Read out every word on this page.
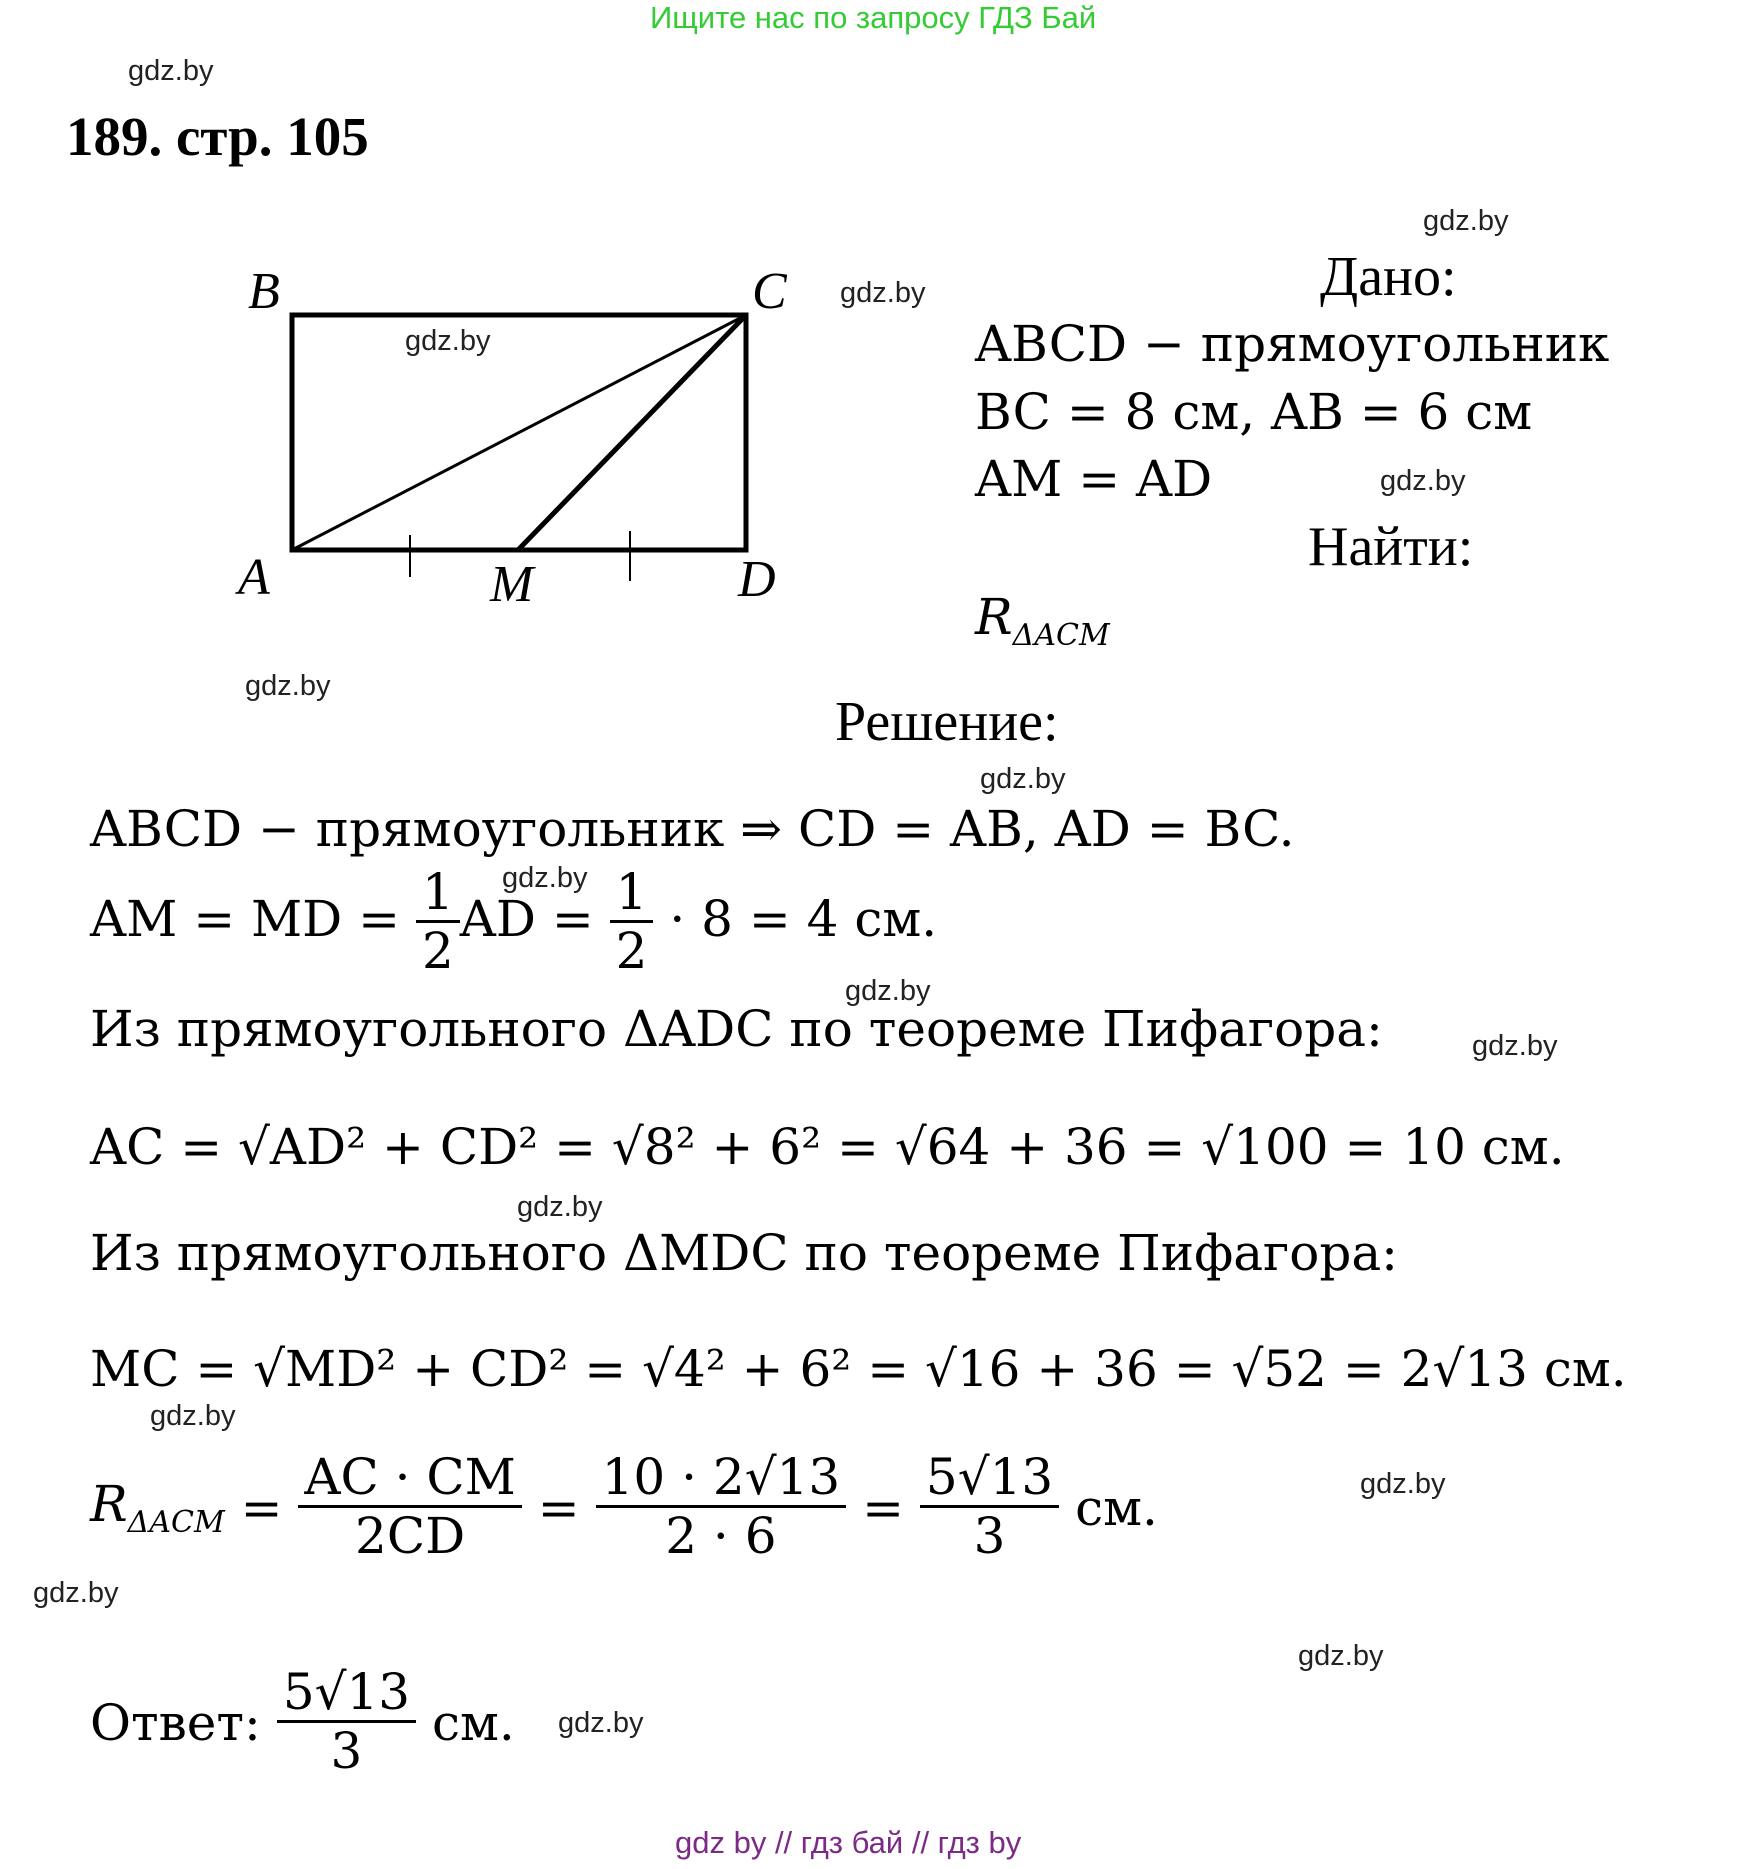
Ищите нас по запросу ГДЗ Бай
gdz.by
gdz.by
gdz.by
gdz.by
gdz.by
gdz.by
gdz.by
gdz.by
gdz.by
gdz.by
gdz.by
gdz.by
gdz.by
gdz.by
gdz.by
gdz.by
189. стр. 105
B	C
A	M	D
Дано:
ABCD − прямоугольник
BC = 8 см, AB = 6 см
AM = AD
Найти:
$R_{\Delta ACM}$
Решение:
ABCD − прямоугольник ⇒ CD = AB, AD = BC.
AM = MD = $\frac{1}{2}$ AD = $\frac{1}{2} \cdot 8 = 4$ см.
Из прямоугольного ΔADC по теореме Пифагора:
AC = √AD² + CD² = √8² + 6² = √64 + 36 = √100 = 10 см.
Из прямоугольного ΔMDC по теореме Пифагора:
MC = √MD² + CD² = √4² + 6² = √16 + 36 = √52 = 2√13 см.
$R_{\Delta ACM} = \frac{AC \cdot CM}{2CD} = \frac{10 \cdot 2√13}{2 \cdot 6} = \frac{5√13}{3}$ см.
Ответ: $\frac{5√13}{3}$ см.
gdz by // гдз бай // гдз by
